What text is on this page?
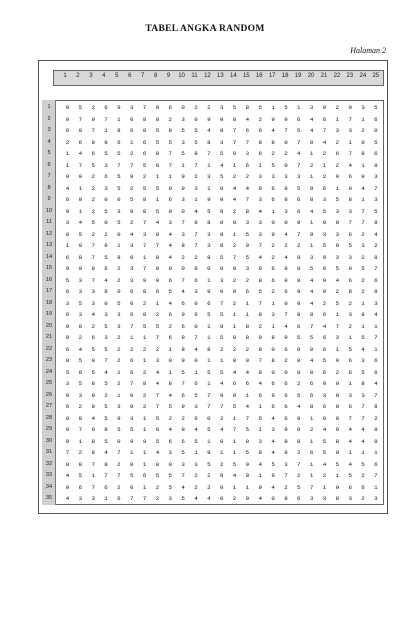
TABEL ANGKA RANDOM
Halaman 2
1	2	3	4	5	6	7	8	9	10	11	12	13	14	15	16	17	18	19	20	21	22	23	24	25
1	0	5	2	6	9	3	7	0	6	0	2	2	3	5	8	5	1	5	1	3	9	2	0	3	5
2	0	7	9	7	1	0	8	8	2	3	0	9	9	8	4	2	9	9	6	4	6	1	7	1	6
3	6	0	7	1	8	6	8	5	8	5	5	4	8	7	6	6	4	7	5	4	7	3	3	2	0
4	2	6	9	9	6	1	6	5	5	3	5	8	3	7	7	8	8	0	7	0	4	2	1	0	5
5	1	4	6	5	5	2	6	8	7	5	8	7	5	9	3	6	2	2	4	1	2	6	7	8	6
6	1	7	5	3	7	7	5	8	7	1	7	1	4	1	6	1	5	0	7	2	1	2	4	1	9
7	9	0	2	6	5	9	2	1	1	9	2	3	5	2	2	3	3	3	3	1	2	9	6	9	3
8	4	1	2	3	5	2	5	5	9	9	3	1	0	4	4	9	6	9	5	9	6	1	0	4	7
9	6	0	2	0	0	5	8	1	6	3	1	9	9	4	7	3	6	8	6	8	3	5	8	1	3
10	9	1	2	5	3	8	0	5	9	0	4	5	8	2	8	4	1	3	6	4	5	3	3	7	5
11	3	4	5	0	5	2	7	4	3	7	9	8	0	0	3	3	0	0	9	1	0	9	7	7	9
12	8	5	2	2	0	4	3	9	4	3	7	3	8	1	5	3	9	4	7	9	3	3	6	2	4
13	1	0	7	9	1	3	7	7	4	8	7	3	8	2	9	7	2	2	2	1	5	0	5	3	2
14	6	8	7	5	8	0	1	8	4	2	2	9	5	7	5	4	2	4	9	3	9	3	3	2	8
15	9	0	9	6	2	3	7	0	0	0	9	0	0	0	3	0	6	9	0	5	0	5	0	5	7
16	5	3	7	4	2	3	9	9	6	7	6	1	3	2	2	8	6	9	8	4	9	4	6	2	6
17	6	3	3	8	0	6	8	6	5	4	3	9	0	0	6	5	2	6	9	4	0	2	8	2	9
18	3	5	3	0	5	0	2	1	4	6	0	6	7	2	1	7	1	0	9	4	2	5	2	1	3
19	6	3	4	3	3	6	8	2	6	9	6	5	5	1	1	8	3	7	8	8	6	1	3	8	4
20	9	8	2	5	3	7	5	5	2	6	0	1	9	1	8	2	1	4	6	7	4	7	2	1	1
21	0	2	6	3	2	1	1	7	6	9	7	1	5	0	8	0	8	9	5	5	6	3	1	5	7
22	6	4	5	5	2	2	2	2	1	8	4	8	2	2	2	8	0	6	0	0	6	1	5	4	1
23	8	5	0	7	2	6	1	3	0	9	0	1	1	0	0	7	8	2	0	4	5	9	6	3	6
24	5	8	5	4	1	6	2	4	1	5	1	5	5	4	4	8	0	0	0	0	6	2	6	5	6
25	3	5	8	5	2	7	8	4	8	7	6	1	4	6	6	4	6	6	2	6	9	0	1	8	4
26	0	3	9	2	1	0	2	7	4	6	5	7	9	9	1	6	9	6	5	6	3	0	3	3	7
27	6	2	9	5	3	0	2	7	5	9	3	7	7	5	4	1	6	6	4	8	6	9	6	7	8
28	0	8	4	5	9	3	1	5	2	2	6	0	2	1	7	5	4	6	9	1	9	0	7	7	2
29	0	7	0	8	5	5	1	8	4	9	4	5	4	7	5	1	3	9	0	2	4	9	4	4	9
30	0	1	8	5	0	9	9	5	6	6	5	1	0	1	9	3	4	8	8	1	5	8	4	4	9
31	7	2	8	4	7	1	1	4	3	5	1	9	1	1	5	8	4	9	2	6	5	0	1	1	1
32	8	8	7	8	2	0	1	8	0	3	3	5	2	5	9	4	5	3	7	1	4	5	4	5	6
33	4	5	1	7	7	5	6	5	5	7	2	2	8	4	0	1	9	7	2	1	2	1	5	2	7
34	9	6	7	6	2	0	1	2	5	4	2	2	0	1	1	9	4	2	5	7	1	9	6	6	1
35	4	3	3	1	6	7	7	2	3	5	4	4	0	2	9	4	0	8	6	3	3	8	3	2	3
